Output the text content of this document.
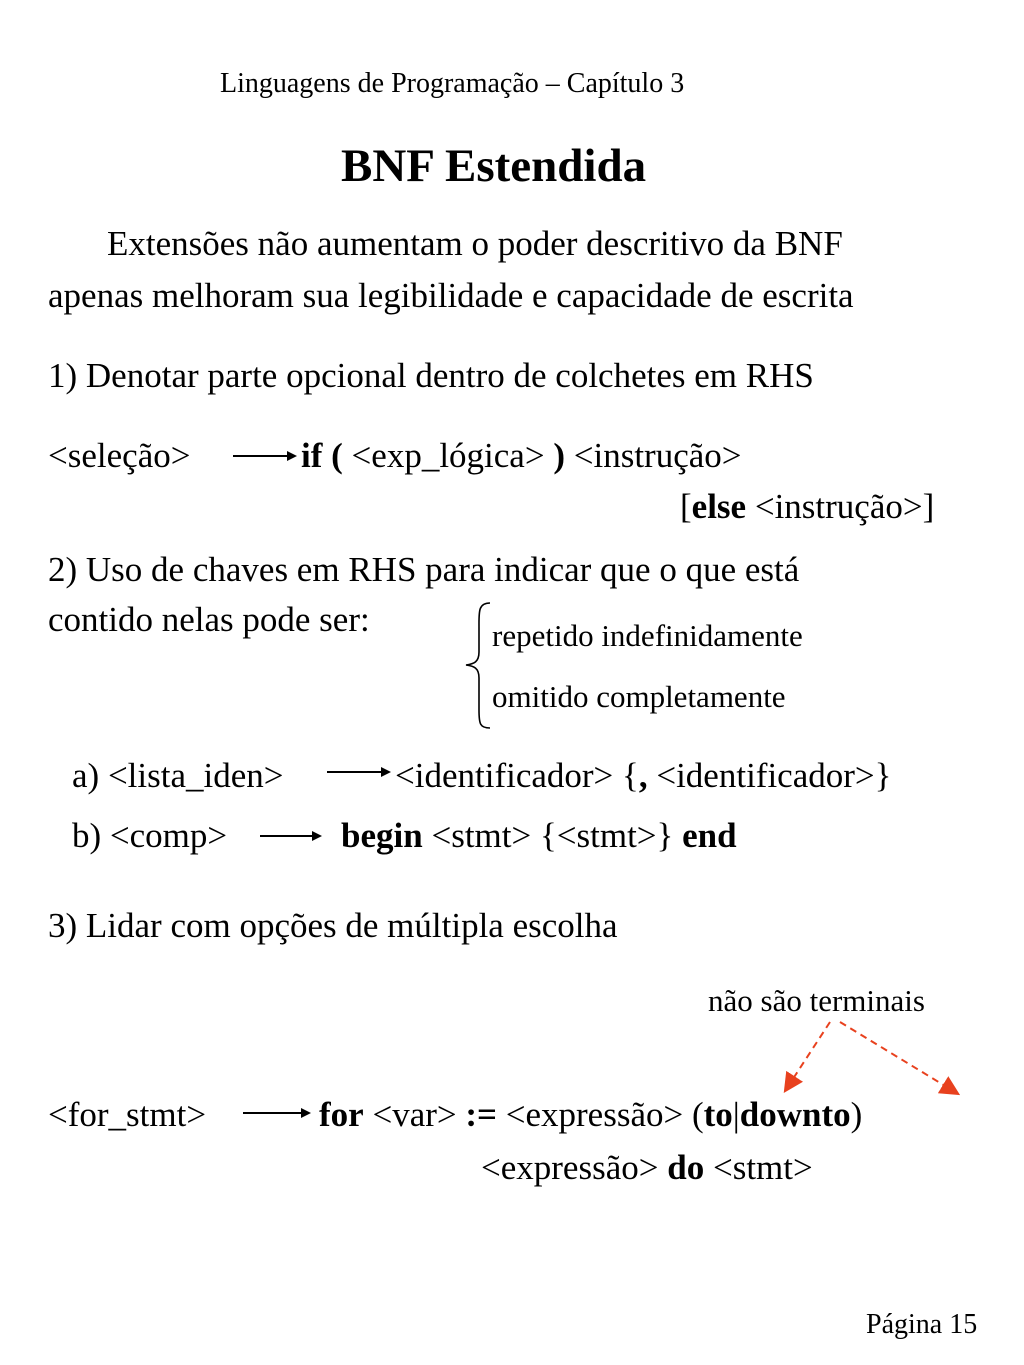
Linguagens de Programação – Capítulo 3
BNF Estendida
Extensões não aumentam o poder descritivo da BNF
apenas melhoram sua legibilidade e capacidade de escrita
1) Denotar parte opcional dentro de colchetes em RHS
<seleção>	if ( <exp_lógica> ) <instrução>
[else <instrução>]
2) Uso de chaves em RHS para indicar que o que está
contido nelas pode ser:	repetido indefinidamente
omitido completamente
a) <lista_iden>	<identificador> {, <identificador>}
b) <comp>	begin <stmt> {<stmt>} end
3) Lidar com opções de múltipla escolha
não são terminais
<for_stmt>	for <var> := <expressão> (to|downto)
<expressão> do <stmt>
Página 15
